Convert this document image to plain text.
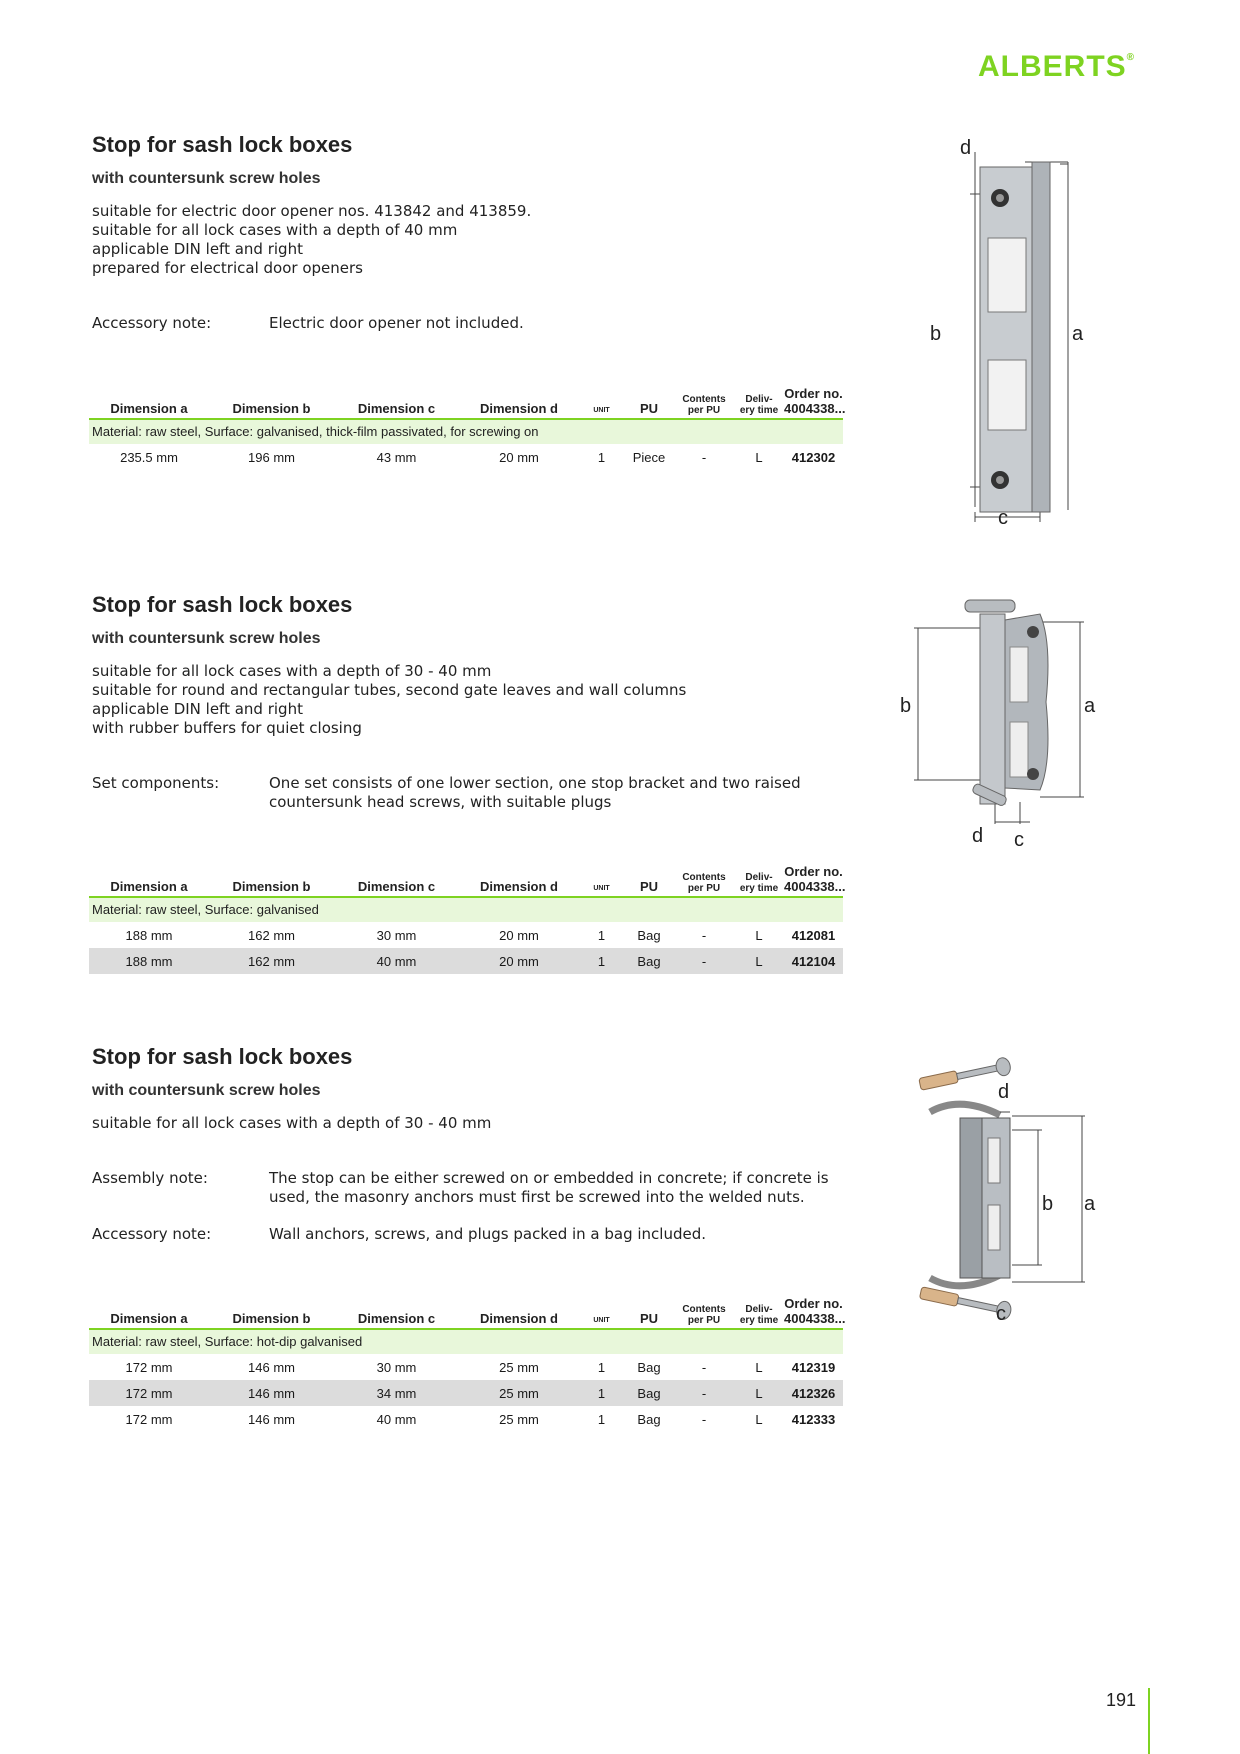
ALBERTS®
Stop for sash lock boxes
with countersunk screw holes
suitable for electric door opener nos. 413842 and 413859.
suitable for all lock cases with a depth of 40 mm
applicable DIN left and right
prepared for electrical door openers
Accessory note:	Electric door opener not included.
Dimension a	Dimension b	Dimension c	Dimension d	UNIT	PU
Contents
per PU
Deliv-
ery time
Order no.
4004338...
Material: raw steel, Surface: galvanised, thick-film passivated, for screwing on
235.5 mm	196 mm	43 mm	20 mm	1	Piece	-	L	412302
d
b	a
c
Stop for sash lock boxes
with countersunk screw holes
suitable for all lock cases with a depth of 30 - 40 mm
suitable for round and rectangular tubes, second gate leaves and wall columns
applicable DIN left and right
with rubber buffers for quiet closing
Set components:	One set consists of one lower section, one stop bracket and two raised countersunk head screws, with suitable plugs
Dimension a	Dimension b	Dimension c	Dimension d	UNIT	PU
Contents
per PU
Deliv-
ery time
Order no.
4004338...
Material: raw steel, Surface: galvanised
188 mm	162 mm	30 mm	20 mm	1	Bag	-	L	412081
188 mm	162 mm	40 mm	20 mm	1	Bag	-	L	412104
b	a
d c
Stop for sash lock boxes
with countersunk screw holes
suitable for all lock cases with a depth of 30 - 40 mm
Assembly note:	The stop can be either screwed on or embedded in concrete; if concrete is used, the masonry anchors must first be screwed into the welded nuts.
Accessory note:	Wall anchors, screws, and plugs packed in a bag included.
Dimension a	Dimension b	Dimension c	Dimension d	UNIT	PU
Contents
per PU
Deliv-
ery time
Order no.
4004338...
Material: raw steel, Surface: hot-dip galvanised
172 mm	146 mm	30 mm	25 mm	1	Bag	-	L	412319
172 mm	146 mm	34 mm	25 mm	1	Bag	-	L	412326
172 mm	146 mm	40 mm	25 mm	1	Bag	-	L	412333
d
b a
c
191
